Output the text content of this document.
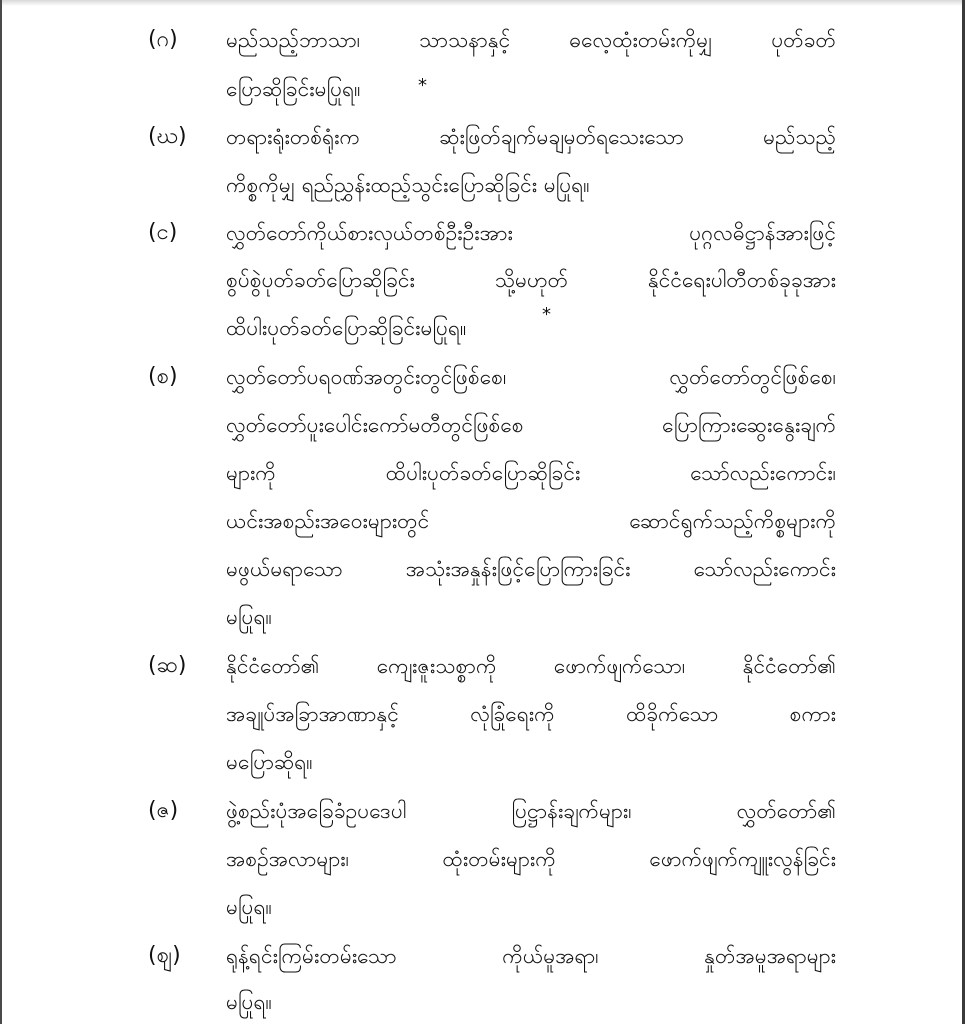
(ဂ)	မည်သည့်ဘာသာ၊ သာသနာနှင့် ဓလေ့ထုံးတမ်းကိုမျှ ပုတ်ခတ်
ပြောဆိုခြင်းမပြုရ။	*
(ဃ)	တရားရုံးတစ်ရုံးက ဆုံးဖြတ်ချက်မချမှတ်ရသေးသော မည်သည့်
ကိစ္စကိုမျှ ရည်ညွှန်းထည့်သွင်းပြောဆိုခြင်း မပြုရ။
(င)	လွှတ်တော်ကိုယ်စားလှယ်တစ်ဦးဦးအား ပုဂ္ဂလဓိဋ္ဌာန်အားဖြင့်
စွပ်စွဲပုတ်ခတ်ပြောဆိုခြင်း သို့မဟုတ် နိုင်ငံရေးပါတီတစ်ခုခုအား
ထိပါးပုတ်ခတ်ပြောဆိုခြင်းမပြုရ။
*
(စ)	လွှတ်တော်ပရဝဏ်အတွင်းတွင်ဖြစ်စေ၊ လွှတ်တော်တွင်ဖြစ်စေ၊
လွှတ်တော်ပူးပေါင်းကော်မတီတွင်ဖြစ်စေ ပြောကြားဆွေးနွေးချက်
များကို ထိပါးပုတ်ခတ်ပြောဆိုခြင်း သော်လည်းကောင်း၊
ယင်းအစည်းအဝေးများတွင် ဆောင်ရွက်သည့်ကိစ္စများကို
မဖွယ်မရာသော အသုံးအနှုန်းဖြင့်ပြောကြားခြင်း သော်လည်းကောင်း
မပြုရ။
(ဆ)	နိုင်ငံတော်၏ ကျေးဇူးသစ္စာကို ဖောက်ဖျက်သော၊ နိုင်ငံတော်၏
အချုပ်အခြာအာဏာနှင့် လုံခြုံရေးကို ထိခိုက်သော စကား
မပြောဆိုရ။
(ဇ)	ဖွဲ့စည်းပုံအခြေခံဥပဒေပါ ပြဋ္ဌာန်းချက်များ၊ လွှတ်တော်၏
အစဉ်အလာများ၊ ထုံးတမ်းများကို ဖောက်ဖျက်ကျူးလွန်ခြင်း
မပြုရ။
(ဈ)	ရုန့်ရင်းကြမ်းတမ်းသော ကိုယ်မူအရာ၊ နှုတ်အမူအရာများ
မပြုရ။
